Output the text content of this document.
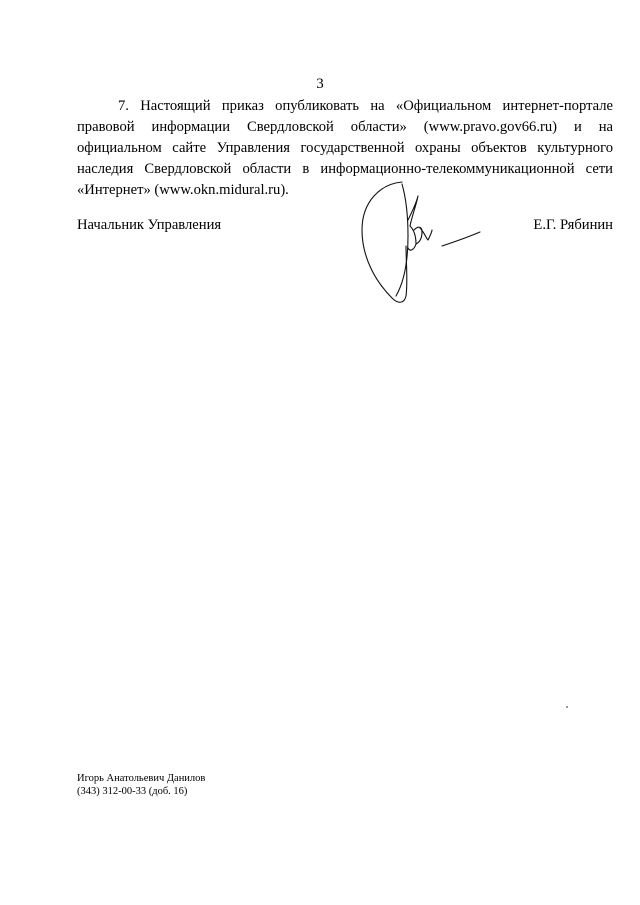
3

7. Настоящий приказ опубликовать на «Официальном интернет-портале правовой информации Свердловской области» (www.pravo.gov66.ru) и на официальном сайте Управления государственной охраны объектов культурного наследия Свердловской области в информационно-телекоммуникационной сети «Интернет» (www.okn.midural.ru).

Начальник Управления	Е.Г. Рябинин
Игорь Анатольевич Данилов
(343) 312-00-33 (доб. 16)
